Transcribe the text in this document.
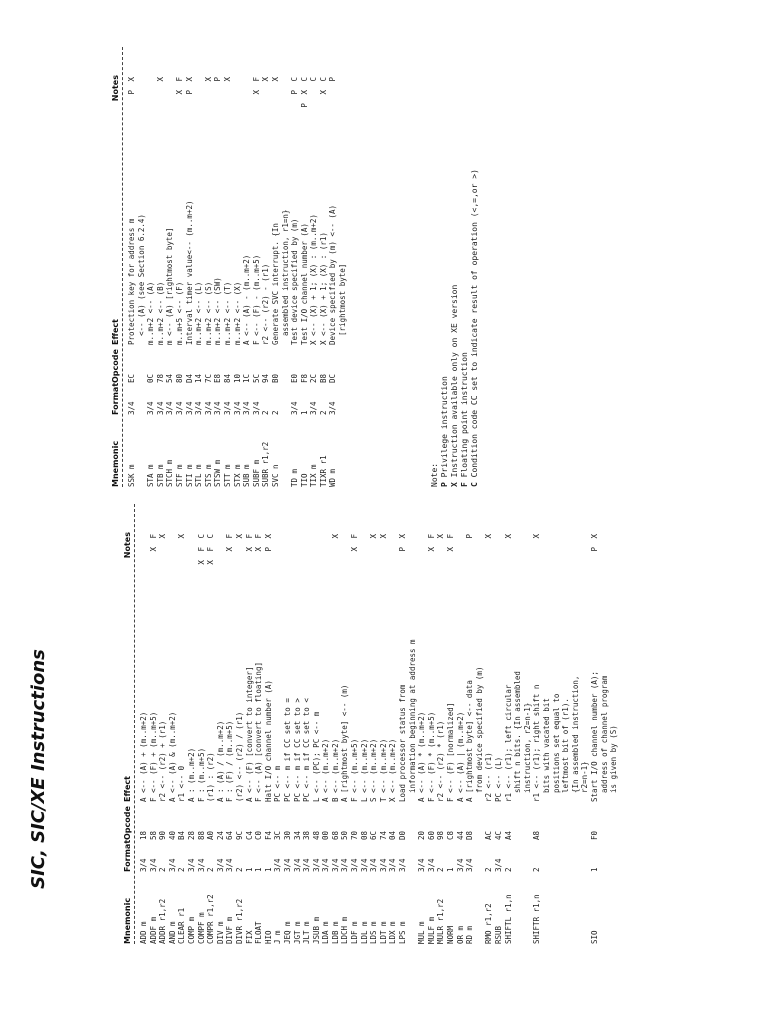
SIC, SIC/XE Instructions
Mnemonic
Format
Opcode
Effect
Notes
ADD m
3/4
18
A <-- (A) + (m..m+2)
ADDF m
3/4
58
F <-- (F) + (m..m+5)
X F
ADDR r1,r2
2
90
r2 <-- (r2) + (r1)
X
AND m
3/4
40
A <-- (A) & (m..m+2)
CLEAR r1
2
B4
r1 <-- 0
X
COMP m
3/4
28
A : (m..m+2)
COMPF m
3/4
88
F : (m..m+5)
X F C
COMPR r1,r2
2
A0
(r1) : (r2)
X F C
DIV m
3/4
24
A : (A) / (m..m+2)
DIVF m
3/4
64
F : (F) / (m..m+5)
X F
DIVR r1,r2
2
9C
(r2) <-- (r2) / (r1)
X
FIX
1
C4
A <-- (F) [convert to integer]
X F
FLOAT
1
C0
F <-- (A) [convert to floating]
X F
HIO
1
F4
Halt I/O channel number (A)
P X
J m
3/4
3C
PC <-- m
JEQ m
3/4
30
PC <-- m if CC set to =
JGT m
3/4
34
PC <-- m if CC set to >
JLT m
3/4
38
PC <-- m if CC set to <
JSUB m
3/4
48
L <-- (PC); PC <-- m
LDA m
3/4
00
A <-- (m..m+2)
LDB m
3/4
68
B <-- (m..m+2)
X
LDCH m
3/4
50
A [rightmost byte] <-- (m)
LDF m
3/4
70
F <-- (m..m+5)
X F
LDL m
3/4
08
L <-- (m..m+2)
LDS m
3/4
6C
S <-- (m..m+2)
X
LDT m
3/4
74
T <-- (m..m+2)
X
LDX m
3/4
04
X <-- (m..m+2)
LPS m
3/4
D0
Load processor status from
P X
information beginning at address m
MUL m
3/4
20
A <-- (A) * (m..m+2)
MULF m
3/4
60
F <-- (F) * (m..m+5)
X F
MULR r1,r2
2
98
r2 <-- (r2) * (r1)
X
NORM
1
C8
F <-- (F) [normalized]
X F
OR m
3/4
44
A <-- (A) | (m..m+2)
RD m
3/4
D8
A [rightmost byte] <-- data
P
from device specified by (m)
RMO r1,r2
2
AC
r2 <-- (r1)
X
RSUB
3/4
4C
PC <-- (L)
SHIFTL r1,n
2
A4
r1 <-- (r1); left circular
X
shift n bits. {In assembled instruction, r2=n-1}
SHIFTR r1,n
2
A8
r1 <-- (r1); right shift n
X
bits with vacated bit positions set equal to leftmost bit of (r1). {In assembled instruction, r2=n-1}
SIO
1
F0
Start I/O channel number (A);
P X
address of channel program is given by (S)
Mnemonic
Format
Opcode
Effect
Notes
SSK m
3/4
EC
Protection key for address m
P X
<-- (A) (see Section 6.2.4)
STA m
3/4
0C
m..m+2 <-- (A)
STB m
3/4
78
m..m+2 <-- (B)
X
STCH m
3/4
54
m <-- (A) [rightmost byte]
STF m
3/4
80
m..m+5 <-- (F)
X F
STI m
3/4
D4
Interval timer value<-- (m..m+2)
P X
STL m
3/4
14
m..m+2 <-- (L)
STS m
3/4
7C
m..m+2 <-- (S)
X
STSW m
3/4
E8
m..m+2 <-- (SW)
P
STT m
3/4
84
m..m+2 <-- (T)
X
STX m
3/4
10
m..m+2 <-- (X)
SUB m
3/4
1C
A <-- (A) - (m..m+2)
SUBF m
3/4
5C
F <-- (F) - (m..m+5)
X F
SUBR r1,r2
2
94
r2 <-- (r2) - (r1)
X
SVC n
2
B0
Generate SVC interrupt. {In
X
assembled instruction, r1=n}
TD m
3/4
E0
Test device specified by (m)
P C
TIO
1
F8
Test I/O channel number (A)
P X C
TIX m
3/4
2C
X <-- (X) + 1; (X) : (m..m+2)
C
TIXR r1
2
B8
X <-- (X) + 1; (X) : (r1)
X C
WD m
3/4
DC
Device specified by (m) <-- (A)
P
[rightmost byte]
Note: P Privilege instruction
X Instruction available only on XE version
F Floating point instruction
C Condition code CC set to indicate result of operation (<,=,or >)
